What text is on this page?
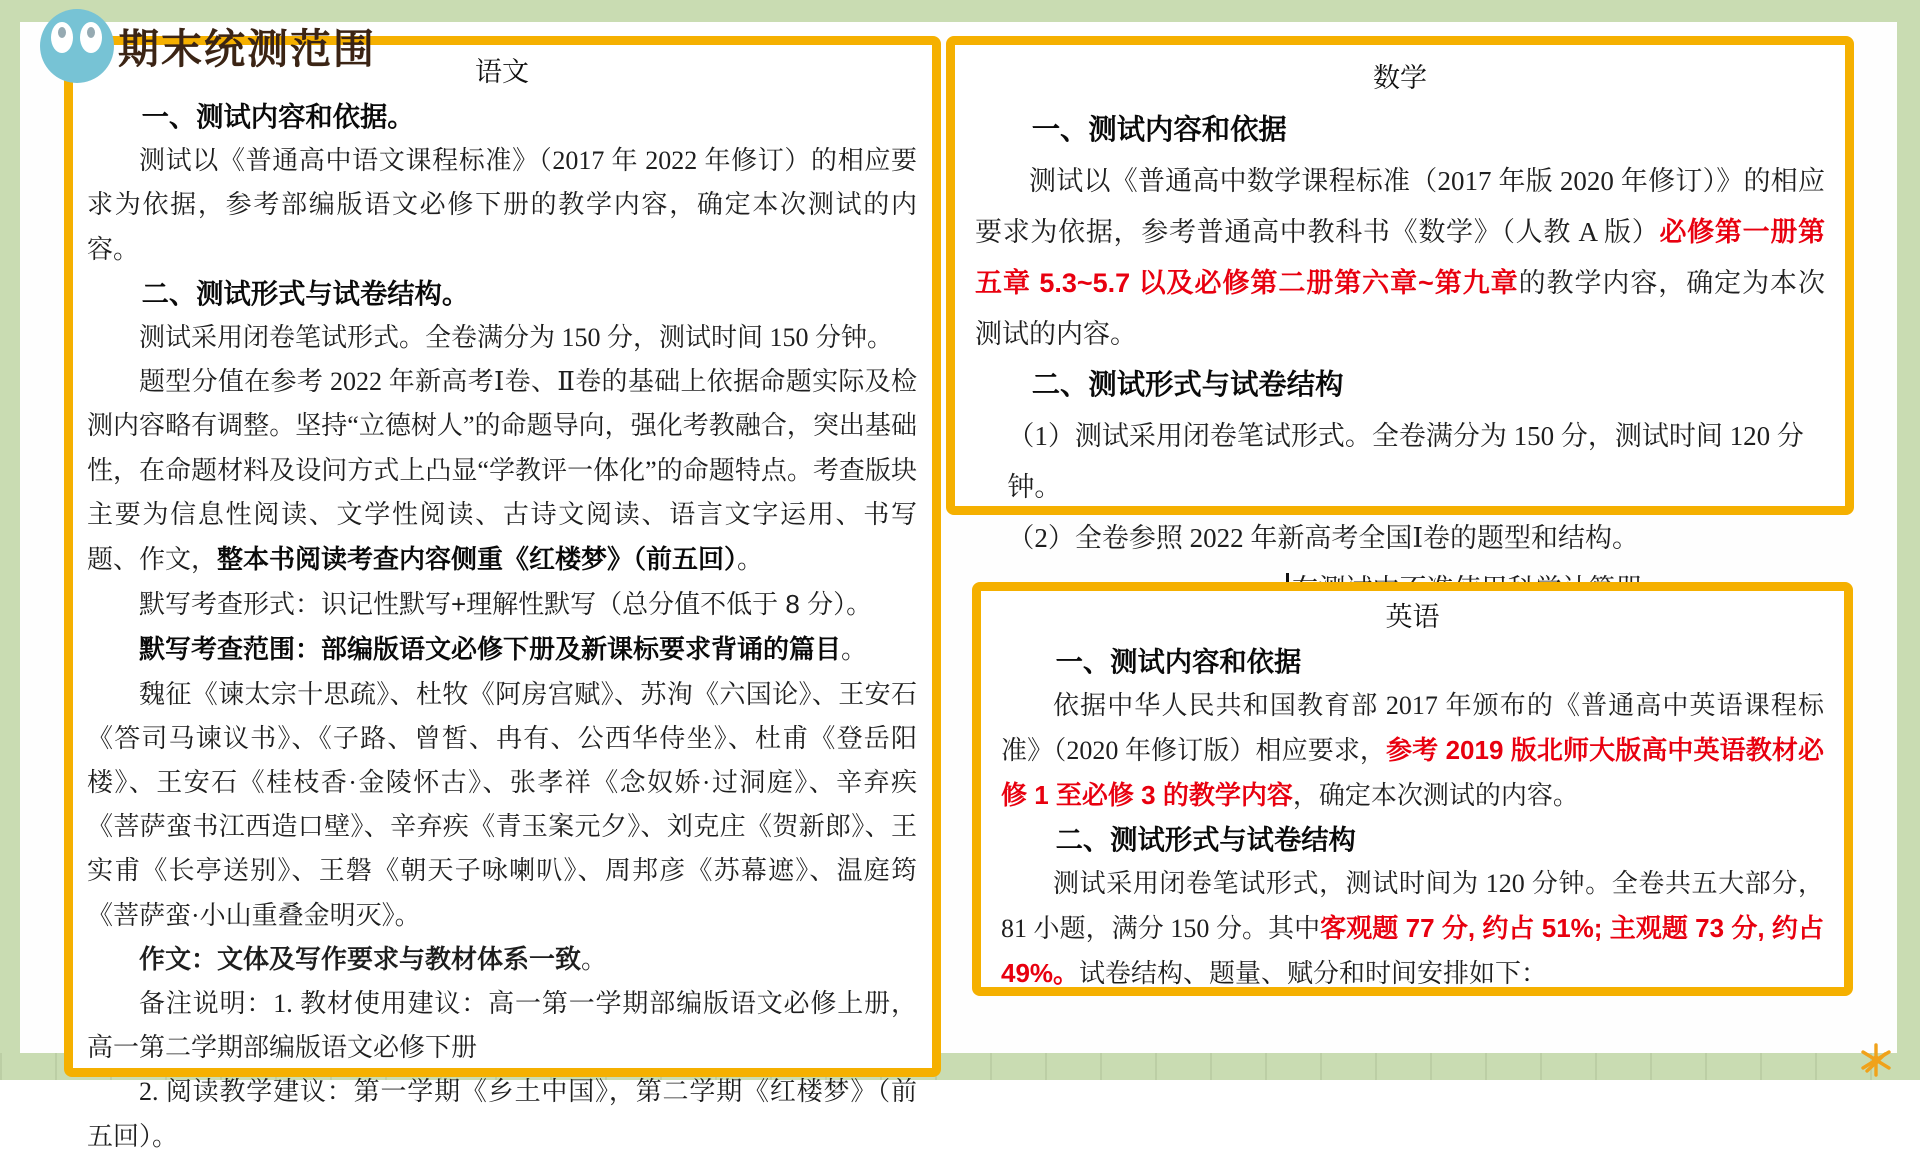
语文
一、测试内容和依据。
测试以《普通高中语文课程标准》（2017 年 2022 年修订）的相应要求为依据，参考部编版语文必修下册的教学内容，确定本次测试的内容。
二、测试形式与试卷结构。
测试采用闭卷笔试形式。全卷满分为 150 分，测试时间 150 分钟。
题型分值在参考 2022 年新高考Ⅰ卷、Ⅱ卷的基础上依据命题实际及检测内容略有调整。坚持“立德树人”的命题导向，强化考教融合，突出基础性，在命题材料及设问方式上凸显“学教评一体化”的命题特点。考查版块主要为信息性阅读、文学性阅读、古诗文阅读、语言文字运用、书写题、作文，整本书阅读考查内容侧重《红楼梦》（前五回）。
默写考查形式：识记性默写+理解性默写（总分值不低于 8 分）。
默写考查范围：部编版语文必修下册及新课标要求背诵的篇目。
魏征《谏太宗十思疏》、杜牧《阿房宫赋》、苏洵《六国论》、王安石《答司马谏议书》、《子路、曾皙、冉有、公西华侍坐》、杜甫《登岳阳楼》、王安石《桂枝香·金陵怀古》、张孝祥《念奴娇·过洞庭》、辛弃疾《菩萨蛮书江西造口壁》、辛弃疾《青玉案元夕》、刘克庄《贺新郎》、王实甫《长亭送别》、王磐《朝天子咏喇叭》、周邦彦《苏幕遮》、温庭筠《菩萨蛮·小山重叠金明灭》。
作文：文体及写作要求与教材体系一致。
备注说明：1. 教材使用建议：高一第一学期部编版语文必修上册，高一第二学期部编版语文必修下册
2. 阅读教学建议：第一学期《乡土中国》，第二学期《红楼梦》（前五回）。
数学
一、测试内容和依据
测试以《普通高中数学课程标准（2017 年版 2020 年修订）》的相应要求为依据，参考普通高中教科书《数学》（人教 A 版）必修第一册第五章 5.3~5.7 以及必修第二册第六章~第九章的教学内容，确定为本次测试的内容。
二、测试形式与试卷结构
（1）测试采用闭卷笔试形式。全卷满分为 150 分，测试时间 120 分钟。
（2）全卷参照 2022 年新高考全国Ⅰ卷的题型和结构。
英语
一、测试内容和依据
依据中华人民共和国教育部 2017 年颁布的《普通高中英语课程标准》（2020 年修订版）相应要求，参考 2019 版北师大版高中英语教材必修 1 至必修 3 的教学内容，确定本次测试的内容。
二、测试形式与试卷结构
测试采用闭卷笔试形式，测试时间为 120 分钟。全卷共五大部分，81 小题，满分 150 分。其中客观题 77 分, 约占 51%; 主观题 73 分, 约占 49%。试卷结构、题量、赋分和时间安排如下：
期末统测范围
